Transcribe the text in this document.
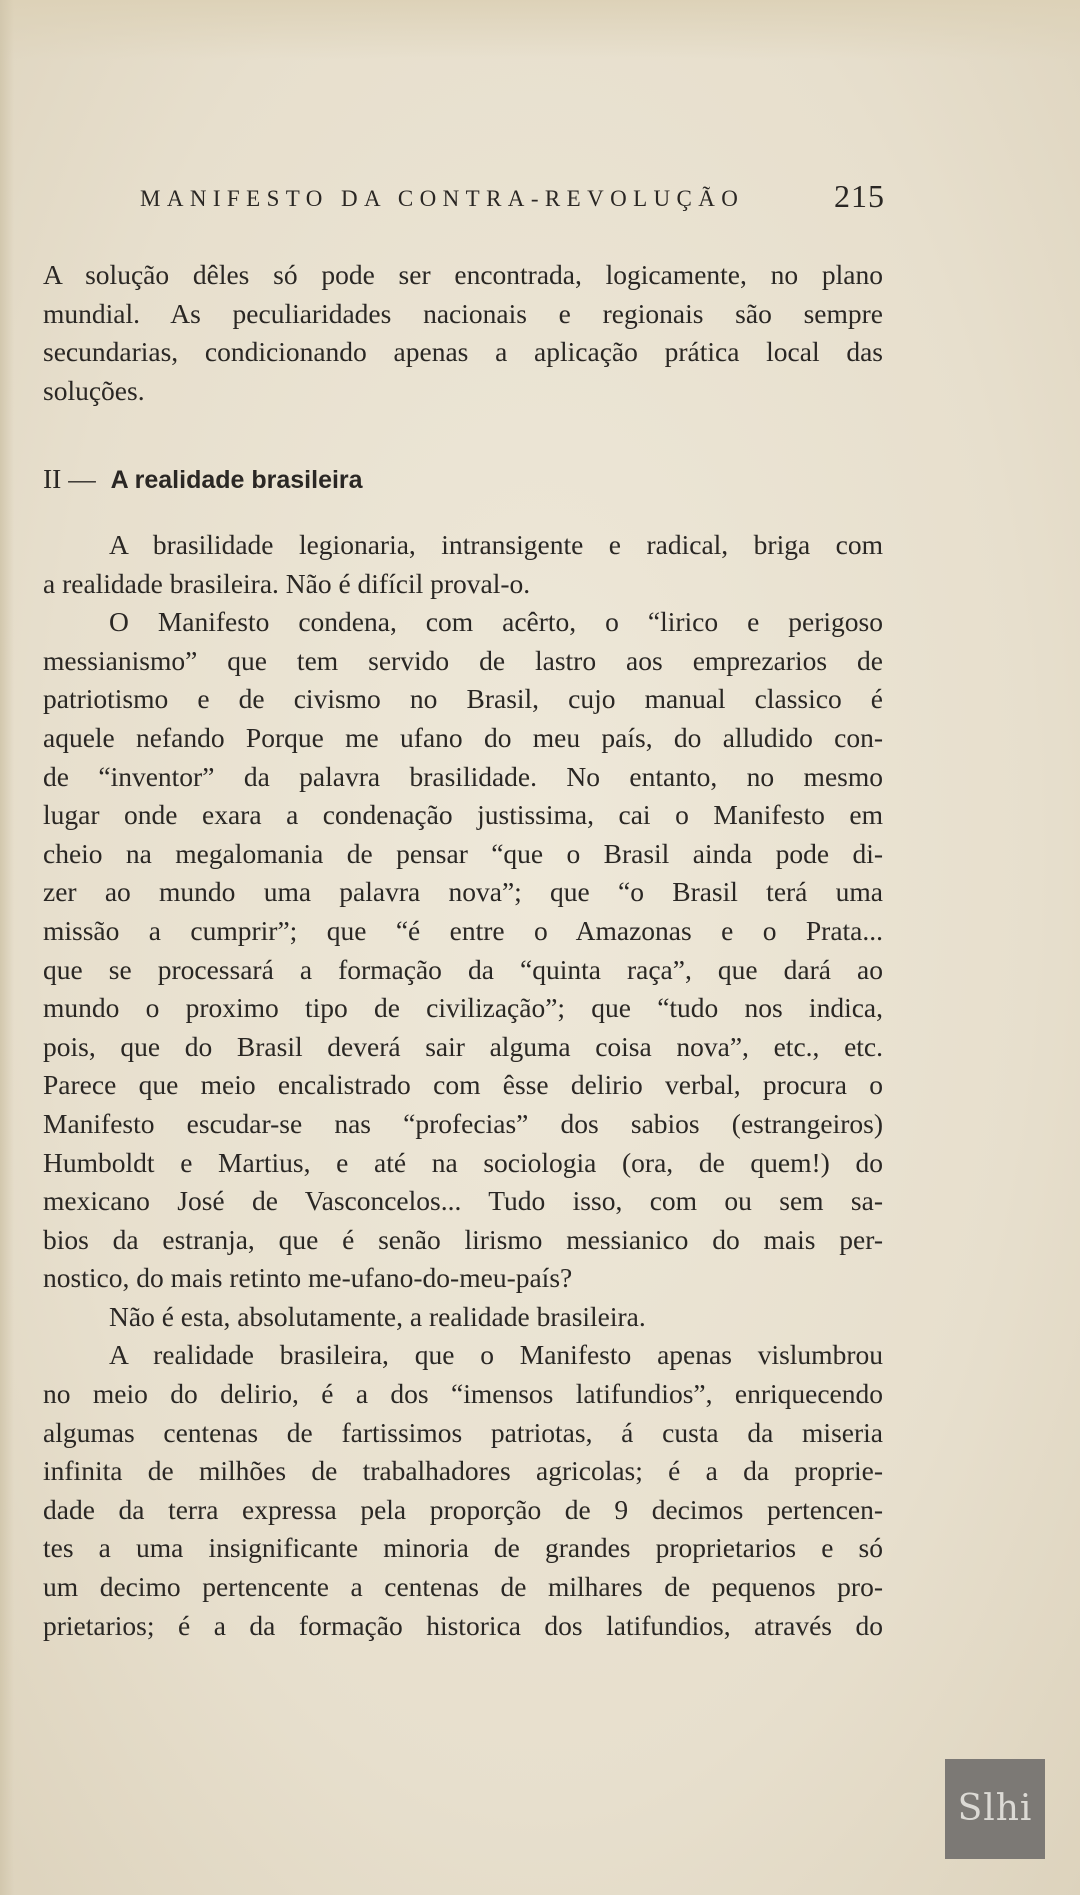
MANIFESTO DA CONTRA-REVOLUÇÃO	215
A solução dêles só pode ser encontrada, logicamente, no plano
mundial. As peculiaridades nacionais e regionais são sempre
secundarias, condicionando apenas a aplicação prática local das
soluções.
II — A realidade brasileira
A brasilidade legionaria, intransigente e radical, briga com
a realidade brasileira. Não é difícil proval-o.
O Manifesto condena, com acêrto, o “lirico e perigoso
messianismo” que tem servido de lastro aos emprezarios de
patriotismo e de civismo no Brasil, cujo manual classico é
aquele nefando Porque me ufano do meu país, do alludido con-
de “inventor” da palavra brasilidade. No entanto, no mesmo
lugar onde exara a condenação justissima, cai o Manifesto em
cheio na megalomania de pensar “que o Brasil ainda pode di-
zer ao mundo uma palavra nova”; que “o Brasil terá uma
missão a cumprir”; que “é entre o Amazonas e o Prata...
que se processará a formação da “quinta raça”, que dará ao
mundo o proximo tipo de civilização”; que “tudo nos indica,
pois, que do Brasil deverá sair alguma coisa nova”, etc., etc.
Parece que meio encalistrado com êsse delirio verbal, procura o
Manifesto escudar-se nas “profecias” dos sabios (estrangeiros)
Humboldt e Martius, e até na sociologia (ora, de quem!) do
mexicano José de Vasconcelos... Tudo isso, com ou sem sa-
bios da estranja, que é senão lirismo messianico do mais per-
nostico, do mais retinto me-ufano-do-meu-país?
Não é esta, absolutamente, a realidade brasileira.
A realidade brasileira, que o Manifesto apenas vislumbrou
no meio do delirio, é a dos “imensos latifundios”, enriquecendo
algumas centenas de fartissimos patriotas, á custa da miseria
infinita de milhões de trabalhadores agricolas; é a da proprie-
dade da terra expressa pela proporção de 9 decimos pertencen-
tes a uma insignificante minoria de grandes proprietarios e só
um decimo pertencente a centenas de milhares de pequenos pro-
prietarios; é a da formação historica dos latifundios, através do
Slhi
